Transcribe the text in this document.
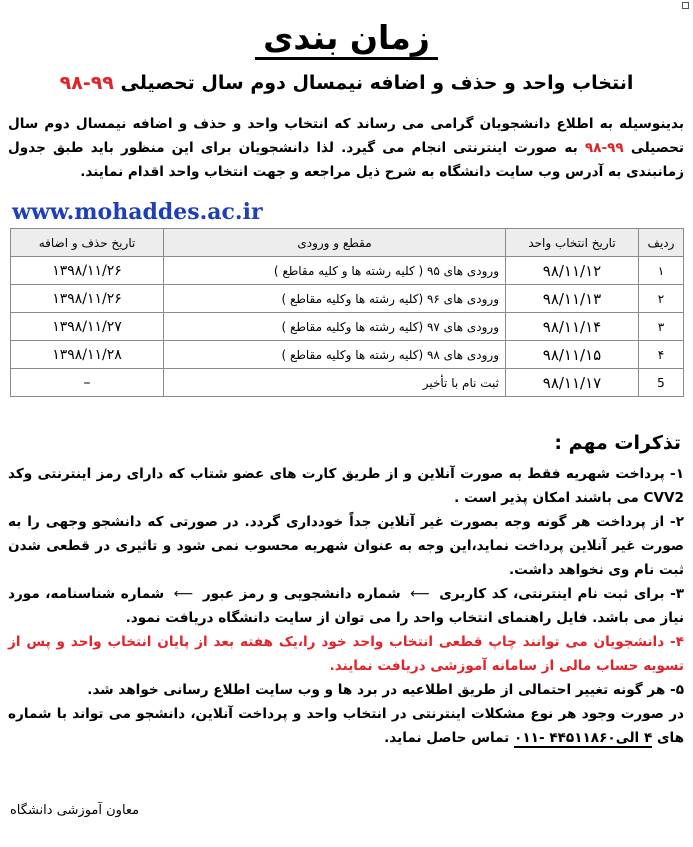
زمان بندی
انتخاب واحد و حذف و اضافه نیمسال دوم سال تحصیلی ۹۹-۹۸
بدینوسیله به اطلاع دانشجویان گرامی می رساند که انتخاب واحد و حذف و اضافه نیمسال دوم سال تحصیلی ۹۹-۹۸ به صورت اینترنتی انجام می گیرد. لذا دانشجویان برای این منظور باید طبق جدول زمانبندی به آدرس وب سایت دانشگاه به شرح ذیل مراجعه و جهت انتخاب واحد اقدام نمایند.
www.mohaddes.ac.ir
ردیف	تاریخ انتخاب واحد	مقطع و ورودی	تاریخ حذف و اضافه
۱	۹۸/۱۱/۱۲	ورودی های ۹۵ ( کلیه رشته ها و کلیه مقاطع )	۱۳۹۸/۱۱/۲۶
۲	۹۸/۱۱/۱۳	ورودی های ۹۶ (کلیه رشته ها وکلیه مقاطع )	۱۳۹۸/۱۱/۲۶
۳	۹۸/۱۱/۱۴	ورودی های ۹۷ (کلیه رشته ها وکلیه مقاطع )	۱۳۹۸/۱۱/۲۷
۴	۹۸/۱۱/۱۵	ورودی های ۹۸ (کلیه رشته ها وکلیه مقاطع )	۱۳۹۸/۱۱/۲۸
5	۹۸/۱۱/۱۷	ثبت نام با تأخیر	–
تذکرات مهم :

۱- پرداخت شهریه فقط به صورت آنلاین و از طریق کارت های عضو شتاب که دارای رمز اینترنتی وکد CVV2 می باشند امکان پذیر است .

۲- از پرداخت هر گونه وجه بصورت غیر آنلاین جداً خودداری گردد. در صورتی که دانشجو وجهی را به صورت غیر آنلاین پرداخت نماید،این وجه به عنوان شهریه محسوب نمی شود و تاثیری در قطعی شدن ثبت نام وی نخواهد داشت.

۳- برای ثبت نام اینترنتی، کد کاربری ⟵ شماره دانشجویی و رمز عبور ⟵ شماره شناسنامه، مورد نیاز می باشد. فایل راهنمای انتخاب واحد را می توان از سایت دانشگاه دریافت نمود.

۴- دانشجویان می توانند چاپ قطعی انتخاب واحد خود را،یک هفته بعد از پایان انتخاب واحد و پس از تسویه حساب مالی از سامانه آموزشی دریافت نمایند.

۵- هر گونه تغییر احتمالی از طریق اطلاعیه در برد ها و وب سایت اطلاع رسانی خواهد شد.

در صورت وجود هر نوع مشکلات اینترنتی در انتخاب واحد و پرداخت آنلاین، دانشجو می تواند با شماره های ۴ الی۴۴۵۱۱۸۶۰ -۰۱۱ تماس حاصل نماید.

معاون آموزشی دانشگاه
